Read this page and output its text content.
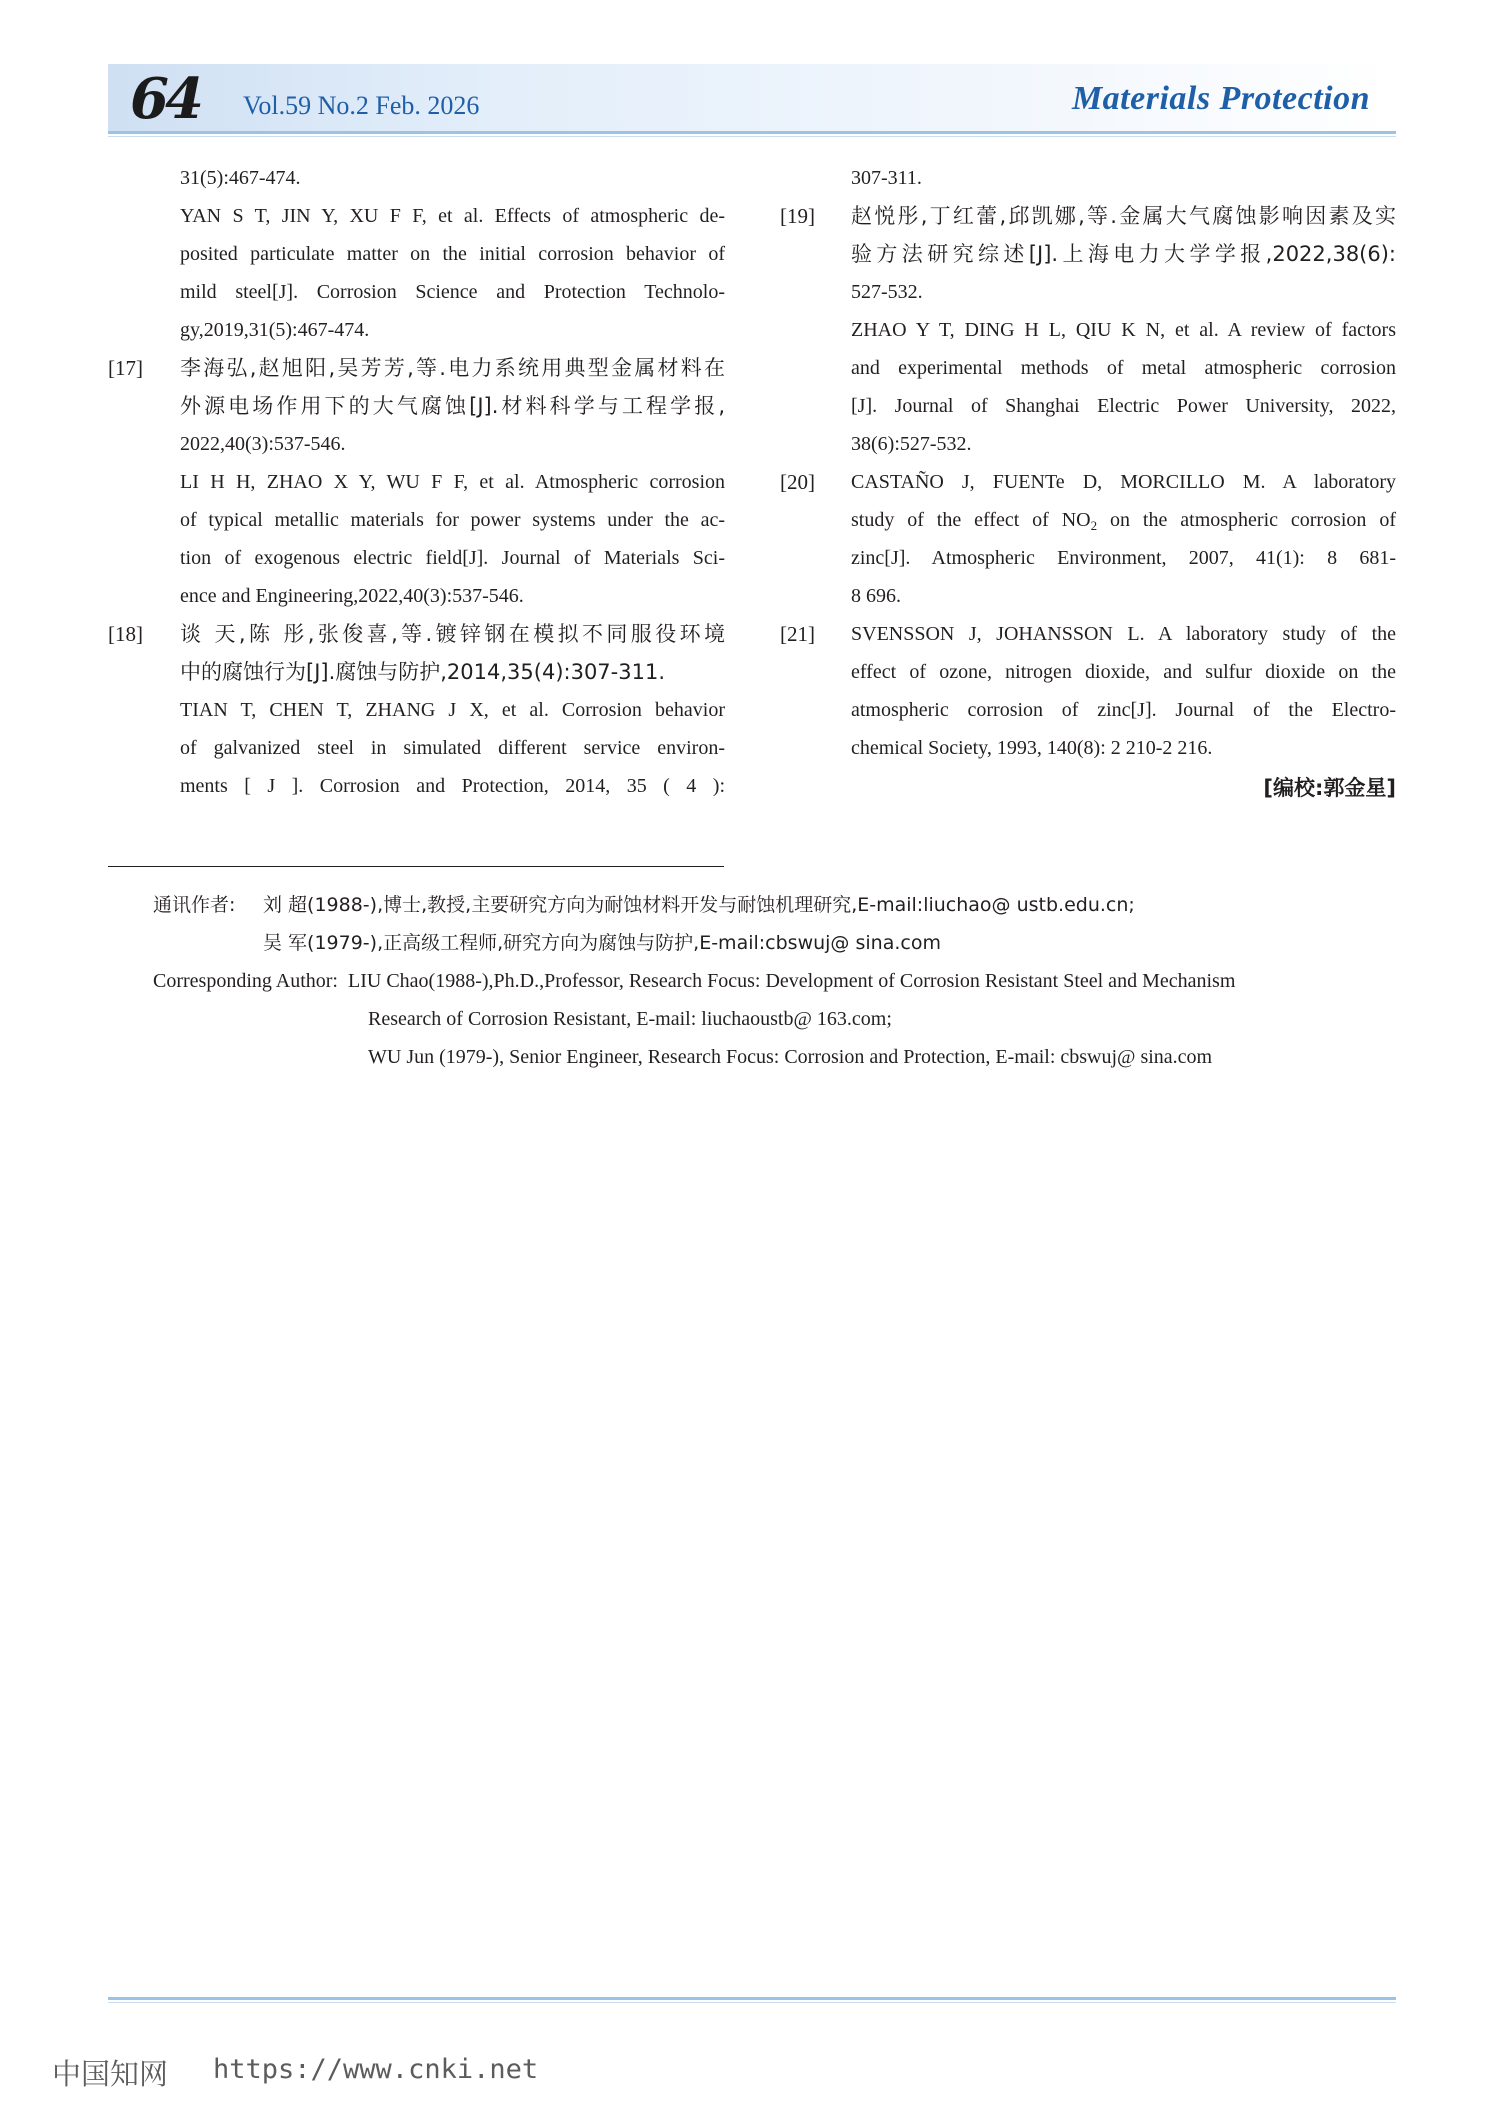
64 Vol.59 No.2 Feb. 2026	Materials Protection
31(5):467-474.
YAN S T, JIN Y, XU F F, et al. Effects of atmospheric de-
posited particulate matter on the initial corrosion behavior of
mild steel[J]. Corrosion Science and Protection Technolo-
gy,2019,31(5):467-474.
[17]	李海弘,赵旭阳,吴芳芳,等.电力系统用典型金属材料在
外源电场作用下的大气腐蚀[J].材料科学与工程学报,
2022,40(3):537-546.
LI H H, ZHAO X Y, WU F F, et al. Atmospheric corrosion
of typical metallic materials for power systems under the ac-
tion of exogenous electric field[J]. Journal of Materials Sci-
ence and Engineering,2022,40(3):537-546.
[18]	谈 天,陈 彤,张俊喜,等.镀锌钢在模拟不同服役环境
中的腐蚀行为[J].腐蚀与防护,2014,35(4):307-311.
TIAN T, CHEN T, ZHANG J X, et al. Corrosion behavior
of galvanized steel in simulated different service environ-
ments [ J ]. Corrosion and Protection, 2014, 35 ( 4 ):
307-311.
[19]	赵悦彤,丁红蕾,邱凯娜,等.金属大气腐蚀影响因素及实
验方法研究综述[J].上海电力大学学报,2022,38(6):
527-532.
ZHAO Y T, DING H L, QIU K N, et al. A review of factors
and experimental methods of metal atmospheric corrosion
[J]. Journal of Shanghai Electric Power University, 2022,
38(6):527-532.
[20]	CASTAÑO J, FUENTe D, MORCILLO M. A laboratory
study of the effect of $NO_2$ on the atmospheric corrosion of
zinc[J]. Atmospheric Environment, 2007, 41(1): 8 681-
8 696.
[21]	SVENSSON J, JOHANSSON L. A laboratory study of the
effect of ozone, nitrogen dioxide, and sulfur dioxide on the
atmospheric corrosion of zinc[J]. Journal of the Electro-
chemical Society, 1993, 140(8): 2 210-2 216.
[编校:郭金星]
通讯作者: 刘 超(1988-),博士,教授,主要研究方向为耐蚀材料开发与耐蚀机理研究,E-mail:liuchao@ ustb.edu.cn;
吴 军(1979-),正高级工程师,研究方向为腐蚀与防护,E-mail:cbswuj@ sina.com
Corresponding Author: LIU Chao(1988-),Ph.D.,Professor, Research Focus: Development of Corrosion Resistant Steel and Mechanism
Research of Corrosion Resistant, E-mail: liuchaoustb@ 163.com;
WU Jun (1979-), Senior Engineer, Research Focus: Corrosion and Protection, E-mail: cbswuj@ sina.com
中国知网 https://www.cnki.net
